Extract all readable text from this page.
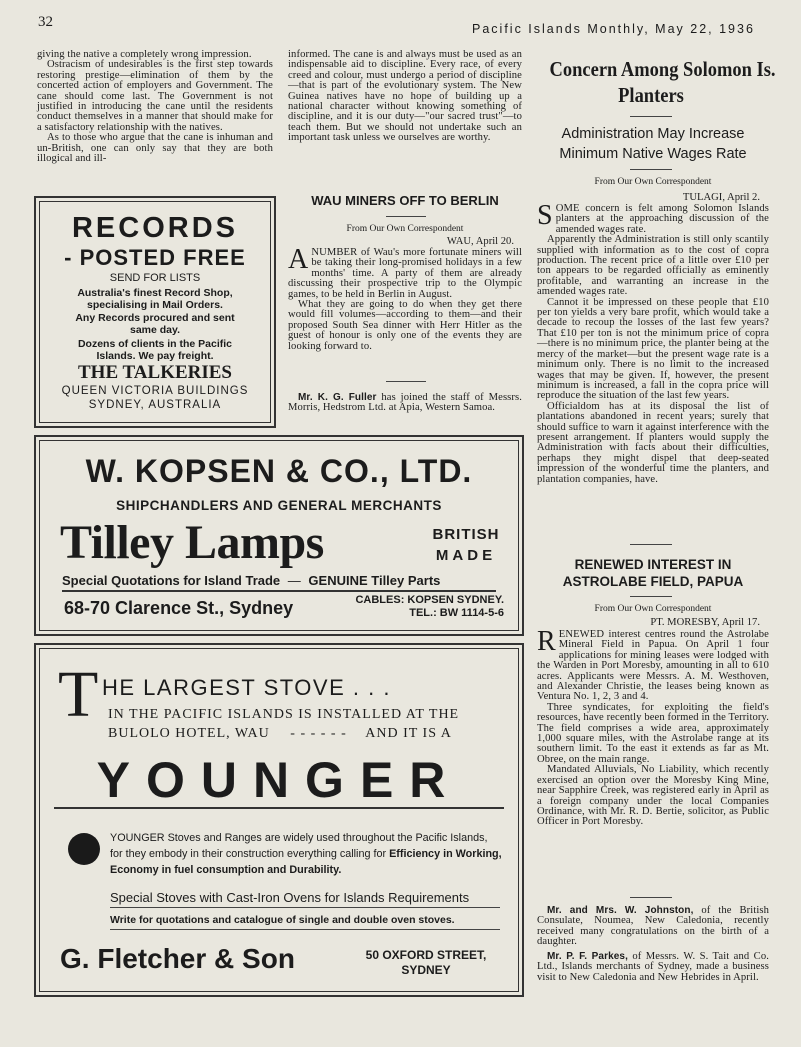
32	Pacific Islands Monthly, May 22, 1936

giving the native a completely wrong impression.

Ostracism of undesirables is the first step towards restoring prestige—elimination of them by the concerted action of employers and Government. The cane should come last. The Government is not justified in introducing the cane until the residents conduct themselves in a manner that should make for a satisfactory relationship with the natives.

As to those who argue that the cane is inhuman and un-British, one can only say that they are both illogical and ill-

informed. The cane is and always must be used as an indispensable aid to discipline. Every race, of every creed and colour, must undergo a period of discipline—that is part of the evolutionary system. The New Guinea natives have no hope of building up a national character without knowing something of discipline, and it is our duty—"our sacred trust"—to teach them. But we should not undertake such an important task unless we ourselves are worthy.

RECORDS
- POSTED FREE
SEND FOR LISTS
Australia's finest Record Shop, specialising in Mail Orders.
Any Records procured and sent same day.
Dozens of clients in the Pacific Islands. We pay freight.
THE TALKERIES
QUEEN VICTORIA BUILDINGS
SYDNEY, AUSTRALIA
WAU MINERS OFF TO BERLIN
From Our Own Correspondent
WAU, April 20.

ANUMBER of Wau's more fortunate miners will be taking their long-promised holidays in a few months' time. A party of them are already discussing their prospective trip to the Olympic games, to be held in Berlin in August.

What they are going to do when they get there would fill volumes—according to them—and their proposed South Sea dinner with Herr Hitler as the guest of honour is only one of the events they are looking forward to.

Mr. K. G. Fuller has joined the staff of Messrs. Morris, Hedstrom Ltd. at Apia, Western Samoa.

W. KOPSEN & CO., LTD.
SHIPCHANDLERS AND GENERAL MERCHANTS
Tilley Lamps	BRITISH
MADE
Special Quotations for Island Trade — GENUINE Tilley Parts
68-70 Clarence St., Sydney	CABLES: KOPSEN SYDNEY.
TEL.: BW 1114-5-6
T HE LARGEST STOVE . . .
IN THE PACIFIC ISLANDS IS INSTALLED AT THE
BULOLO HOTEL, WAU - - - - - - AND IT IS A
YOUNGER
YOUNGER Stoves and Ranges are widely used throughout the Pacific Islands, for they embody in their construction everything calling for Efficiency in Working, Economy in fuel consumption and Durability.
Special Stoves with Cast-Iron Ovens for Islands Requirements
Write for quotations and catalogue of single and double oven stoves.
G. Fletcher & Son	50 OXFORD STREET,
SYDNEY
Concern Among Solomon Is.
Planters
Administration May Increase
Minimum Native Wages Rate
From Our Own Correspondent
TULAGI, April 2.

SOME concern is felt among Solomon Islands planters at the approaching discussion of the amended wages rate.

Apparently the Administration is still only scantily supplied with information as to the cost of copra production. The recent price of a little over £10 per ton appears to be regarded officially as eminently profitable, and warranting an increase in the amended wages rate.

Cannot it be impressed on these people that £10 per ton yields a very bare profit, which would take a decade to recoup the losses of the last few years? That £10 per ton is not the minimum price of copra—there is no minimum price, the planter being at the mercy of the market—but the present wage rate is a minimum only. There is no limit to the increased wages that may be given. If, however, the present minimum is increased, a fall in the copra price will reproduce the situation of the last few years.

Officialdom has at its disposal the list of plantations abandoned in recent years; surely that should suffice to warn it against interference with the present arrangement. If planters would supply the Administration with facts about their difficulties, perhaps they might dispel that deep-seated impression of the wonderful time the planters, and plantation companies, have.

RENEWED INTEREST IN
ASTROLABE FIELD, PAPUA
From Our Own Correspondent
PT. MORESBY, April 17.

RENEWED interest centres round the Astrolabe Mineral Field in Papua. On April 1 four applications for mining leases were lodged with the Warden in Port Moresby, amounting in all to 610 acres. Applicants were Messrs. A. M. Westhoven, and Alexander Christie, the leases being known as Ventura No. 1, 2, 3 and 4.

Three syndicates, for exploiting the field's resources, have recently been formed in the Territory. The field comprises a wide area, approximately 1,000 square miles, with the Astrolabe range at its southern limit. To the east it extends as far as Mt. Obree, on the main range.

Mandated Alluvials, No Liability, which recently exercised an option over the Moresby King Mine, near Sapphire Creek, was registered early in April as a foreign company under the local Companies Ordinance, with Mr. R. D. Bertie, solicitor, as Public Officer in Port Moresby.

Mr. and Mrs. W. Johnston, of the British Consulate, Noumea, New Caledonia, recently received many congratulations on the birth of a daughter.

Mr. P. F. Parkes, of Messrs. W. S. Tait and Co. Ltd., Islands merchants of Sydney, made a business visit to New Caledonia and New Hebrides in April.
